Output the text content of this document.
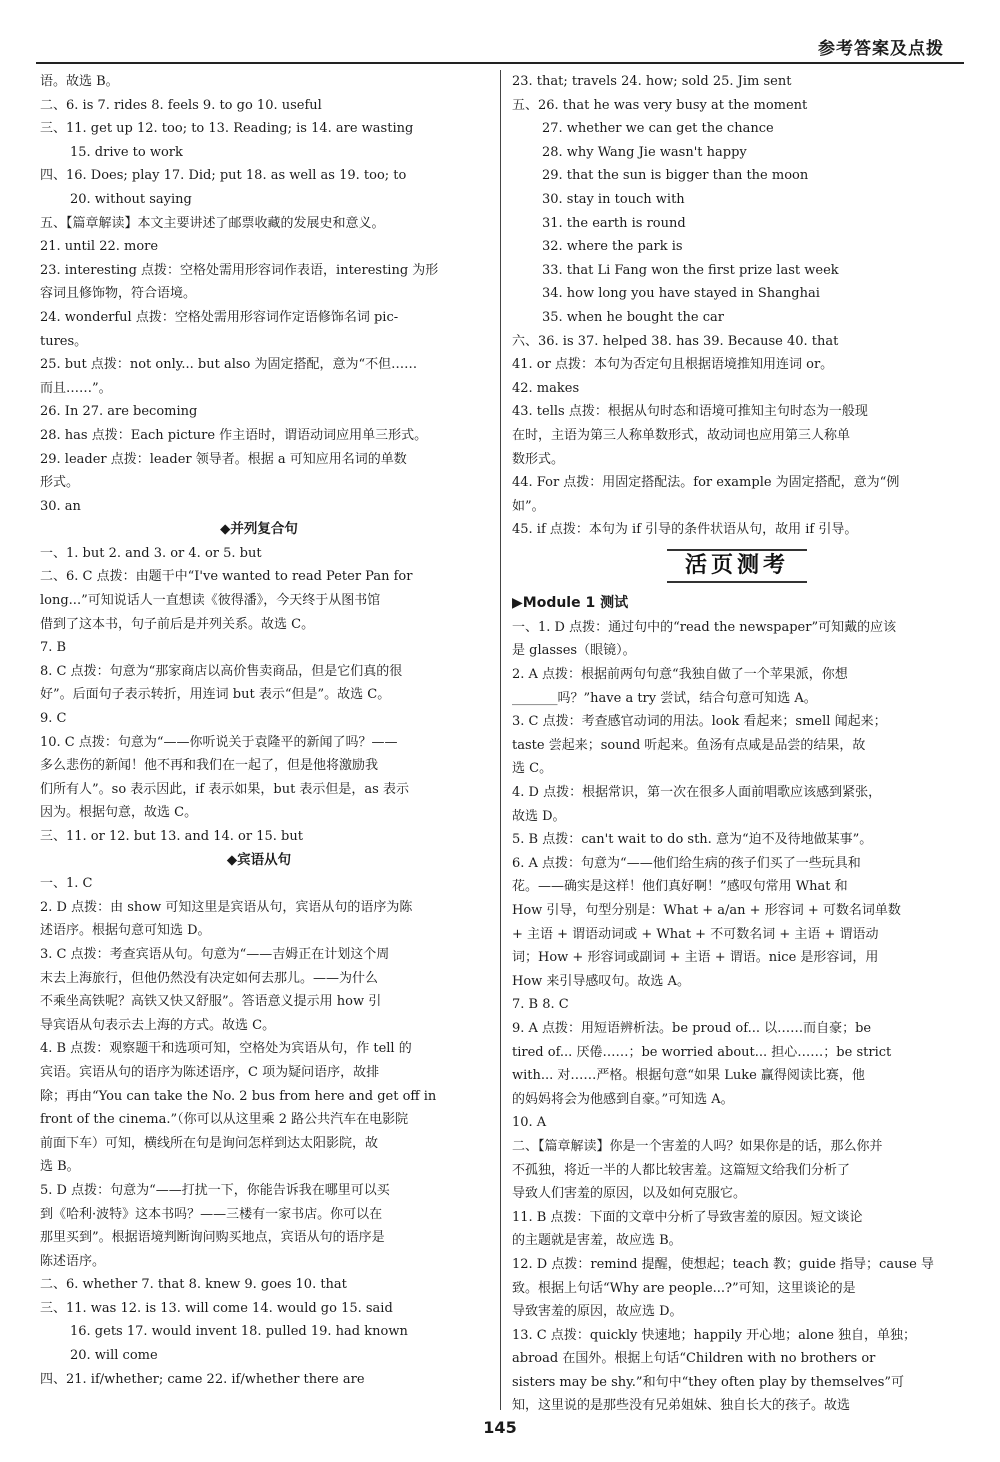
参考答案及点拨
语。故选 B。
二、6. is 7. rides 8. feels 9. to go 10. useful
三、11. get up 12. too; to 13. Reading; is 14. are wasting
15. drive to work
四、16. Does; play 17. Did; put 18. as well as 19. too; to
20. without saying
五、【篇章解读】本文主要讲述了邮票收藏的发展史和意义。
21. until 22. more
23. interesting 点拨：空格处需用形容词作表语，interesting 为形
容词且修饰物，符合语境。
24. wonderful 点拨：空格处需用形容词作定语修饰名词 pic-
tures。
25. but 点拨：not only... but also 为固定搭配，意为“不但……
而且……”。
26. In 27. are becoming
28. has 点拨：Each picture 作主语时，谓语动词应用单三形式。
29. leader 点拨：leader 领导者。根据 a 可知应用名词的单数
形式。
30. an
◆并列复合句
一、1. but 2. and 3. or 4. or 5. but
二、6. C 点拨：由题干中“I've wanted to read Peter Pan for
long...”可知说话人一直想读《彼得潘》，今天终于从图书馆
借到了这本书，句子前后是并列关系。故选 C。
7. B
8. C 点拨：句意为“那家商店以高价售卖商品，但是它们真的很
好”。后面句子表示转折，用连词 but 表示“但是”。故选 C。
9. C
10. C 点拨：句意为“——你听说关于袁隆平的新闻了吗？——
多么悲伤的新闻！他不再和我们在一起了，但是他将激励我
们所有人”。so 表示因此，if 表示如果，but 表示但是，as 表示
因为。根据句意，故选 C。
三、11. or 12. but 13. and 14. or 15. but
◆宾语从句
一、1. C
2. D 点拨：由 show 可知这里是宾语从句，宾语从句的语序为陈
述语序。根据句意可知选 D。
3. C 点拨：考查宾语从句。句意为“——吉姆正在计划这个周
末去上海旅行，但他仍然没有决定如何去那儿。——为什么
不乘坐高铁呢？高铁又快又舒服”。答语意义提示用 how 引
导宾语从句表示去上海的方式。故选 C。
4. B 点拨：观察题干和选项可知，空格处为宾语从句，作 tell 的
宾语。宾语从句的语序为陈述语序，C 项为疑问语序，故排
除；再由“You can take the No. 2 bus from here and get off in
front of the cinema.”（你可以从这里乘 2 路公共汽车在电影院
前面下车）可知，横线所在句是询问怎样到达太阳影院，故
选 B。
5. D 点拨：句意为“——打扰一下，你能告诉我在哪里可以买
到《哈利·波特》这本书吗？——三楼有一家书店。你可以在
那里买到”。根据语境判断询问购买地点，宾语从句的语序是
陈述语序。
二、6. whether 7. that 8. knew 9. goes 10. that
三、11. was 12. is 13. will come 14. would go 15. said
16. gets 17. would invent 18. pulled 19. had known
20. will come
四、21. if/whether; came 22. if/whether there are
23. that; travels 24. how; sold 25. Jim sent
五、26. that he was very busy at the moment
27. whether we can get the chance
28. why Wang Jie wasn't happy
29. that the sun is bigger than the moon
30. stay in touch with
31. the earth is round
32. where the park is
33. that Li Fang won the first prize last week
34. how long you have stayed in Shanghai
35. when he bought the car
六、36. is 37. helped 38. has 39. Because 40. that
41. or 点拨：本句为否定句且根据语境推知用连词 or。
42. makes
43. tells 点拨：根据从句时态和语境可推知主句时态为一般现
在时，主语为第三人称单数形式，故动词也应用第三人称单
数形式。
44. For 点拨：用固定搭配法。for example 为固定搭配，意为“例
如”。
45. if 点拨：本句为 if 引导的条件状语从句，故用 if 引导。
活页测考
▶Module 1 测试
一、1. D 点拨：通过句中的“read the newspaper”可知戴的应该
是 glasses（眼镜）。
2. A 点拨：根据前两句句意“我独自做了一个苹果派，你想
_______吗？”have a try 尝试，结合句意可知选 A。
3. C 点拨：考查感官动词的用法。look 看起来；smell 闻起来；
taste 尝起来；sound 听起来。鱼汤有点咸是品尝的结果，故
选 C。
4. D 点拨：根据常识，第一次在很多人面前唱歌应该感到紧张，
故选 D。
5. B 点拨：can't wait to do sth. 意为“迫不及待地做某事”。
6. A 点拨：句意为“——他们给生病的孩子们买了一些玩具和
花。——确实是这样！他们真好啊！”感叹句常用 What 和
How 引导，句型分别是：What + a/an + 形容词 + 可数名词单数
+ 主语 + 谓语动词或 + What + 不可数名词 + 主语 + 谓语动
词；How + 形容词或副词 + 主语 + 谓语。nice 是形容词，用
How 来引导感叹句。故选 A。
7. B 8. C
9. A 点拨：用短语辨析法。be proud of... 以……而自豪；be
tired of... 厌倦……；be worried about... 担心……；be strict
with... 对……严格。根据句意“如果 Luke 赢得阅读比赛，他
的妈妈将会为他感到自豪。”可知选 A。
10. A
二、【篇章解读】你是一个害羞的人吗？如果你是的话，那么你并
不孤独，将近一半的人都比较害羞。这篇短文给我们分析了
导致人们害羞的原因，以及如何克服它。
11. B 点拨：下面的文章中分析了导致害羞的原因。短文谈论
的主题就是害羞，故应选 B。
12. D 点拨：remind 提醒，使想起；teach 教；guide 指导；cause 导
致。根据上句话“Why are people...?”可知，这里谈论的是
导致害羞的原因，故应选 D。
13. C 点拨：quickly 快速地；happily 开心地；alone 独自，单独；
abroad 在国外。根据上句话“Children with no brothers or
sisters may be shy.”和句中“they often play by themselves”可
知，这里说的是那些没有兄弟姐妹、独自长大的孩子。故选
145
